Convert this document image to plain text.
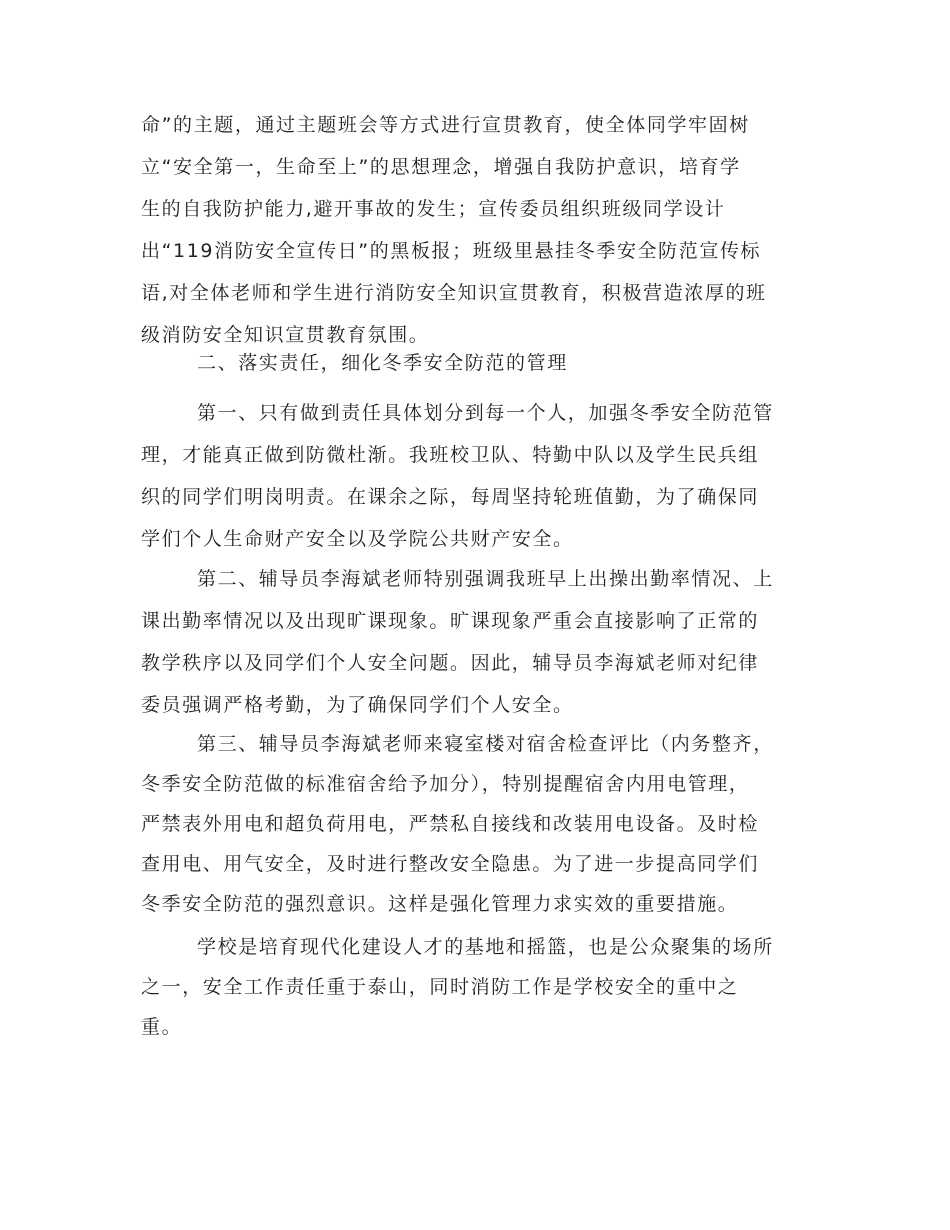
命”的主题，通过主题班会等方式进行宣贯教育，使全体同学牢固树
立“安全第一，生命至上”的思想理念，增强自我防护意识，培育学
生的自我防护能力,避开事故的发生；宣传委员组织班级同学设计
出“119消防安全宣传日”的黑板报；班级里悬挂冬季安全防范宣传标
语,对全体老师和学生进行消防安全知识宣贯教育，积极营造浓厚的班
级消防安全知识宣贯教育氛围。
二、落实责任，细化冬季安全防范的管理
第一、只有做到责任具体划分到每一个人，加强冬季安全防范管
理，才能真正做到防微杜渐。我班校卫队、特勤中队以及学生民兵组
织的同学们明岗明责。在课余之际，每周坚持轮班值勤，为了确保同
学们个人生命财产安全以及学院公共财产安全。
第二、辅导员李海斌老师特别强调我班早上出操出勤率情况、上
课出勤率情况以及出现旷课现象。旷课现象严重会直接影响了正常的
教学秩序以及同学们个人安全问题。因此，辅导员李海斌老师对纪律
委员强调严格考勤，为了确保同学们个人安全。
第三、辅导员李海斌老师来寝室楼对宿舍检查评比（内务整齐，
冬季安全防范做的标准宿舍给予加分），特别提醒宿舍内用电管理，
严禁表外用电和超负荷用电，严禁私自接线和改装用电设备。及时检
查用电、用气安全，及时进行整改安全隐患。为了进一步提高同学们
冬季安全防范的强烈意识。这样是强化管理力求实效的重要措施。
学校是培育现代化建设人才的基地和摇篮，也是公众聚集的场所
之一，安全工作责任重于泰山，同时消防工作是学校安全的重中之
重。
